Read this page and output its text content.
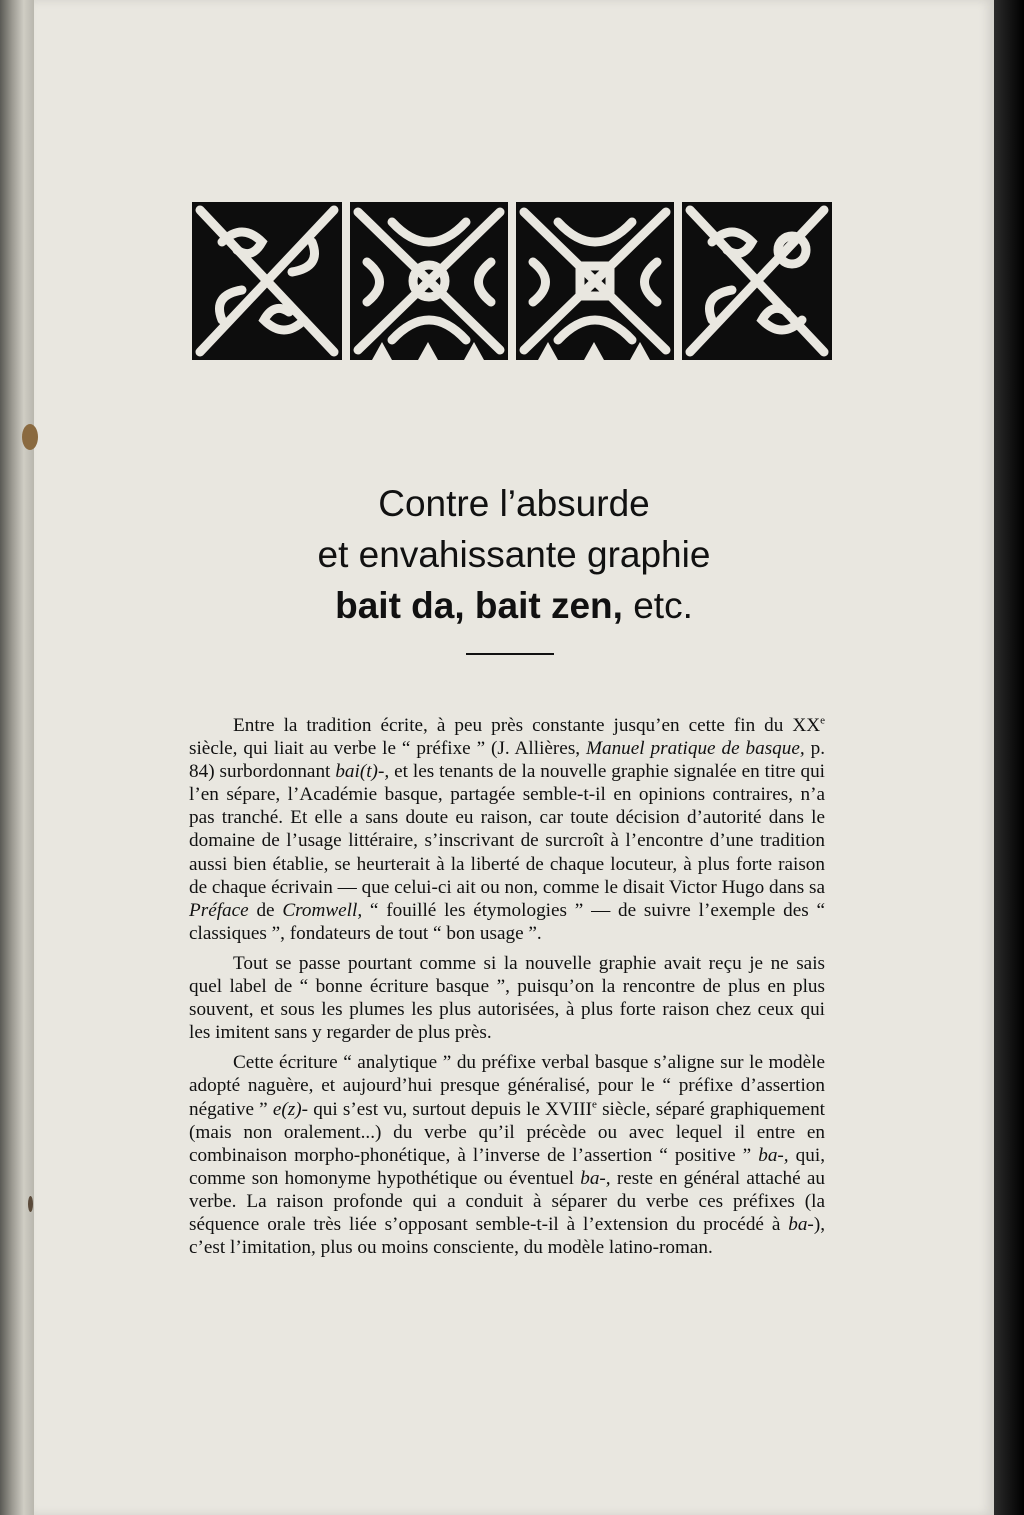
Contre l’absurde
et envahissante graphie
bait da, bait zen, etc.

Entre la tradition écrite, à peu près constante jusqu’en cette fin du XXe siècle, qui liait au verbe le “ préfixe ” (J. Allières, Manuel pratique de basque, p. 84) surbordonnant bai(t)-, et les tenants de la nouvelle graphie signalée en titre qui l’en sépare, l’Académie basque, partagée semble-t-il en opinions contraires, n’a pas tranché. Et elle a sans doute eu raison, car toute décision d’autorité dans le domaine de l’usage littéraire, s’inscrivant de surcroît à l’encontre d’une tradition aussi bien établie, se heurterait à la liberté de chaque locuteur, à plus forte raison de chaque écrivain — que celui-ci ait ou non, comme le disait Victor Hugo dans sa Préface de Cromwell, “ fouillé les étymologies ” — de suivre l’exemple des “ classiques ”, fondateurs de tout “ bon usage ”.

Tout se passe pourtant comme si la nouvelle graphie avait reçu je ne sais quel label de “ bonne écriture basque ”, puisqu’on la rencontre de plus en plus souvent, et sous les plumes les plus autorisées, à plus forte raison chez ceux qui les imitent sans y regarder de plus près.

Cette écriture “ analytique ” du préfixe verbal basque s’aligne sur le modèle adopté naguère, et aujourd’hui presque généralisé, pour le “ préfixe d’assertion négative ” e(z)- qui s’est vu, surtout depuis le XVIIIe siècle, séparé graphiquement (mais non oralement...) du verbe qu’il précède ou avec lequel il entre en combinaison morpho-phonétique, à l’inverse de l’assertion “ positive ” ba-, qui, comme son homonyme hypothétique ou éventuel ba-, reste en général attaché au verbe. La raison profonde qui a conduit à séparer du verbe ces préfixes (la séquence orale très liée s’opposant semble-t-il à l’extension du procédé à ba-), c’est l’imitation, plus ou moins consciente, du modèle latino-roman.
